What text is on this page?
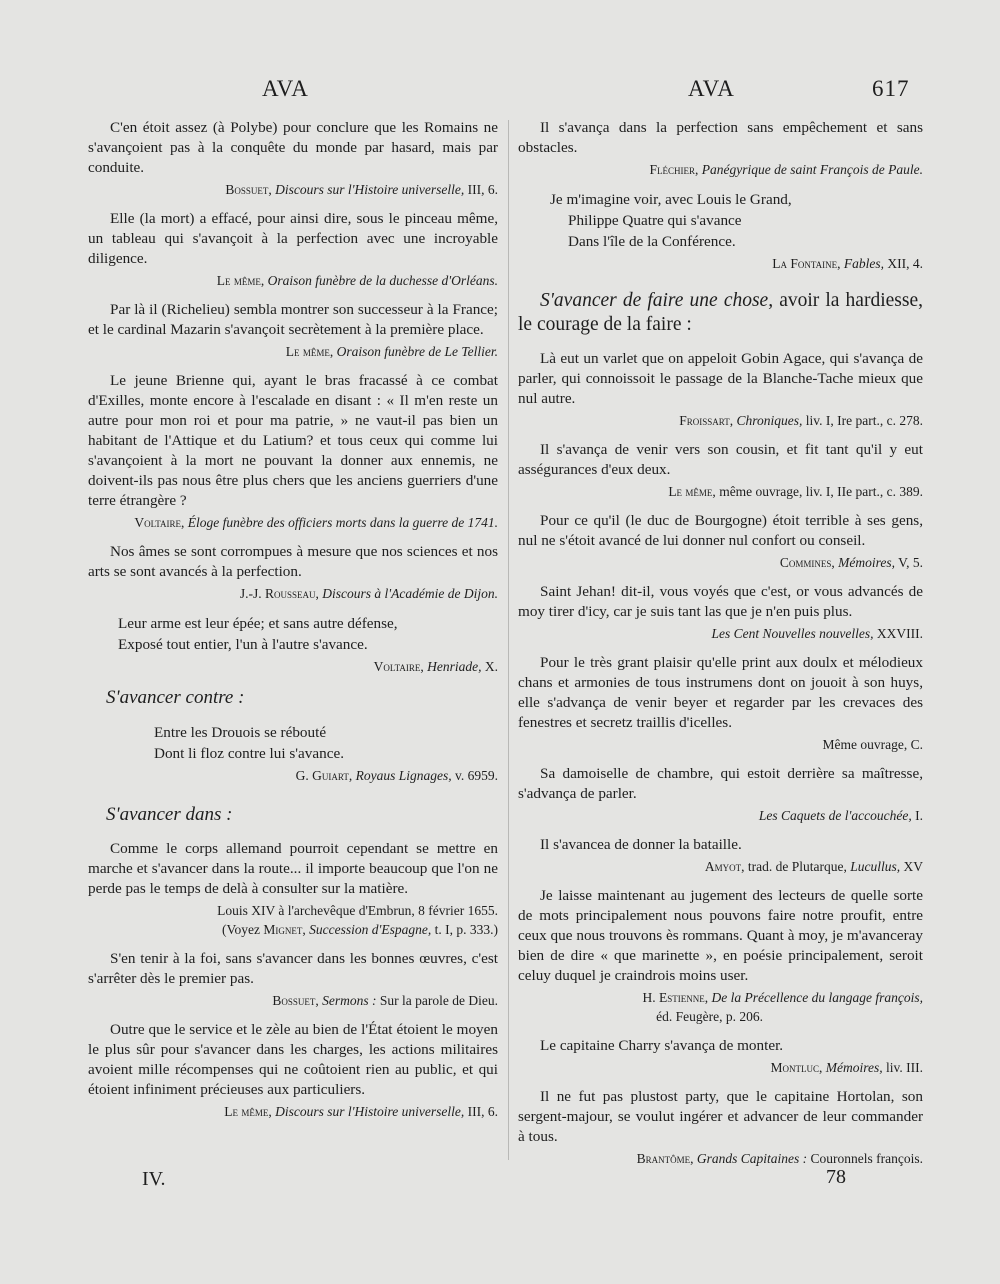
AVA	AVA	617

C'en étoit assez (à Polybe) pour conclure que les Romains ne s'avançoient pas à la conquête du monde par hasard, mais par conduite.

Bossuet, Discours sur l'Histoire universelle, III, 6.

Elle (la mort) a effacé, pour ainsi dire, sous le pinceau même, un tableau qui s'avançoit à la perfection avec une incroyable diligence.

Le même, Oraison funèbre de la duchesse d'Orléans.

Par là il (Richelieu) sembla montrer son successeur à la France; et le cardinal Mazarin s'avançoit secrètement à la première place.

Le même, Oraison funèbre de Le Tellier.

Le jeune Brienne qui, ayant le bras fracassé à ce combat d'Exilles, monte encore à l'escalade en disant : « Il m'en reste un autre pour mon roi et pour ma patrie, » ne vaut-il pas bien un habitant de l'Attique et du Latium? et tous ceux qui comme lui s'avançoient à la mort ne pouvant la donner aux ennemis, ne doivent-ils pas nous être plus chers que les anciens guerriers d'une terre étrangère ?

Voltaire, Éloge funèbre des officiers morts dans la guerre de 1741.

Nos âmes se sont corrompues à mesure que nos sciences et nos arts se sont avancés à la perfection.

J.-J. Rousseau, Discours à l'Académie de Dijon.
Leur arme est leur épée; et sans autre défense,
Exposé tout entier, l'un à l'autre s'avance.
Voltaire, Henriade, X.
S'avancer contre :
Entre les Drouois se rébouté
Dont li floz contre lui s'avance.
G. Guiart, Royaus Lignages, v. 6959.
S'avancer dans :

Comme le corps allemand pourroit cependant se mettre en marche et s'avancer dans la route... il importe beaucoup que l'on ne perde pas le temps de delà à consulter sur la matière.

Louis XIV à l'archevêque d'Embrun, 8 février 1655.
(Voyez Mignet, Succession d'Espagne, t. I, p. 333.)

S'en tenir à la foi, sans s'avancer dans les bonnes œuvres, c'est s'arrêter dès le premier pas.

Bossuet, Sermons : Sur la parole de Dieu.

Outre que le service et le zèle au bien de l'État étoient le moyen le plus sûr pour s'avancer dans les charges, les actions militaires avoient mille récompenses qui ne coûtoient rien au public, et qui étoient infiniment précieuses aux particuliers.

Le même, Discours sur l'Histoire universelle, III, 6.

Il s'avança dans la perfection sans empêchement et sans obstacles.

Fléchier, Panégyrique de saint François de Paule.
Je m'imagine voir, avec Louis le Grand,
Philippe Quatre qui s'avance
Dans l'île de la Conférence.
La Fontaine, Fables, XII, 4.
S'avancer de faire une chose, avoir la hardiesse, le courage de la faire :

Là eut un varlet que on appeloit Gobin Agace, qui s'avança de parler, qui connoissoit le passage de la Blanche-Tache mieux que nul autre.

Froissart, Chroniques, liv. I, Ire part., c. 278.

Il s'avança de venir vers son cousin, et fit tant qu'il y eut asségurances d'eux deux.

Le même, même ouvrage, liv. I, IIe part., c. 389.

Pour ce qu'il (le duc de Bourgogne) étoit terrible à ses gens, nul ne s'étoit avancé de lui donner nul confort ou conseil.

Commines, Mémoires, V, 5.

Saint Jehan! dit-il, vous voyés que c'est, or vous advancés de moy tirer d'icy, car je suis tant las que je n'en puis plus.

Les Cent Nouvelles nouvelles, XXVIII.

Pour le très grant plaisir qu'elle print aux doulx et mélodieux chans et armonies de tous instrumens dont on jouoit à son huys, elle s'advança de venir beyer et regarder par les crevaces des fenestres et secretz traillis d'icelles.

Même ouvrage, C.

Sa damoiselle de chambre, qui estoit derrière sa maîtresse, s'advança de parler.

Les Caquets de l'accouchée, I.

Il s'avancea de donner la bataille.

Amyot, trad. de Plutarque, Lucullus, XV

Je laisse maintenant au jugement des lecteurs de quelle sorte de mots principalement nous pouvons faire notre proufit, entre ceux que nous trouvons ès rommans. Quant à moy, je m'avanceray bien de dire « que marinette », en poésie principalement, seroit celuy duquel je craindrois moins user.

H. Estienne, De la Précellence du langage françois,
éd. Feugère, p. 206.

Le capitaine Charry s'avança de monter.

Montluc, Mémoires, liv. III.

Il ne fut pas plustost party, que le capitaine Hortolan, son sergent-majour, se voulut ingérer et advancer de leur commander à tous.

Brantôme, Grands Capitaines : Couronnels françois.
IV.	78
